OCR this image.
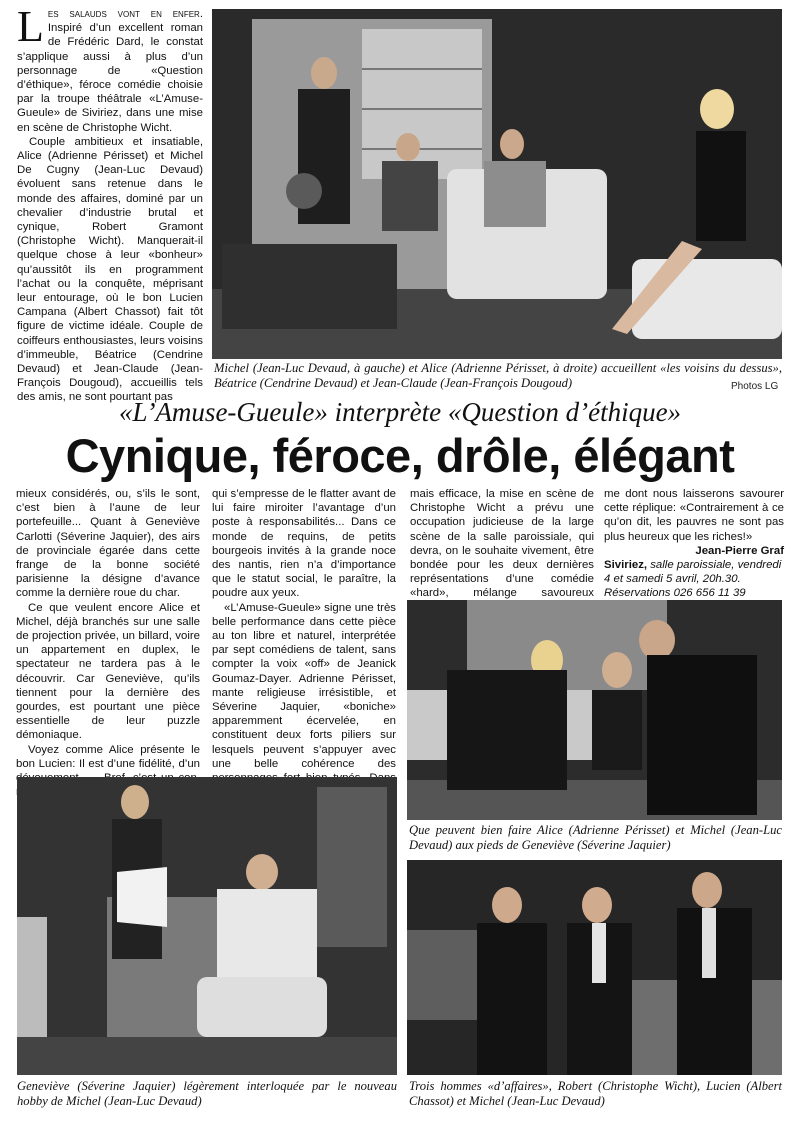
Les salauds vont en enfer. Inspiré d’un excellent roman de Frédéric Dard, le constat s’applique aussi à plus d’un personnage de «Question d’éthique», féroce comédie choisie par la troupe théâtrale «L’Amuse-Gueule» de Siviriez, dans une mise en scène de Christophe Wicht.

Couple ambitieux et insatiable, Alice (Adrienne Périsset) et Michel De Cugny (Jean-Luc Devaud) évoluent sans retenue dans le monde des affaires, dominé par un chevalier d’industrie brutal et cynique, Robert Gramont (Christophe Wicht). Manquerait-il quelque chose à leur «bonheur» qu’aussitôt ils en programment l’achat ou la conquête, méprisant leur entourage, où le bon Lucien Campana (Albert Chassot) fait tôt figure de victime idéale. Couple de coiffeurs enthousiastes, leurs voisins d’immeuble, Béatrice (Cendrine Devaud) et Jean-Claude (Jean-François Dougoud), accueillis tels des amis, ne sont pourtant pas

Michel (Jean-Luc Devaud, à gauche) et Alice (Adrienne Périsset, à droite) accueillent «les voisins du dessus», Béatrice (Cendrine Devaud) et Jean-Claude (Jean-François Dougoud)	Photos LG
«L’Amuse-Gueule» interprète «Question d’éthique»
Cynique, féroce, drôle, élégant

mieux considérés, ou, s’ils le sont, c’est bien à l’aune de leur portefeuille... Quant à Geneviève Carlotti (Séverine Jaquier), des airs de provinciale égarée dans cette frange de la bonne société parisienne la désigne d’avance comme la dernière roue du char.

Ce que veulent encore Alice et Michel, déjà branchés sur une salle de projection privée, un billard, voire un appartement en duplex, le spectateur ne tardera pas à le découvrir. Car Geneviève, qu’ils tiennent pour la dernière des gourdes, est pourtant une pièce essentielle de leur puzzle démoniaque.

Voyez comme Alice présente le bon Lucien: Il est d’une fidélité, d’un

qui s’empresse de le flatter avant de lui faire miroiter l’avantage d’un poste à responsabilités... Dans ce monde de requins, de petits bourgeois invités à la grande noce des nantis, rien n’a d’importance que le statut social, le paraître, la poudre aux yeux.

«L’Amuse-Gueule» signe une très belle performance dans cette pièce au ton libre et naturel, interprétée par sept comédiens de talent, sans compter la voix «off» de Jeanick Goumaz-Dayer. Adrienne Périsset, mante religieuse irrésistible, et Séverine Jaquier, «boniche» apparemment écervelée, en constituent deux forts piliers sur lesquels peuvent s’appuyer avec une belle cohérence des

mais efficace, la mise en scène de Christophe Wicht a prévu une occupation judicieuse de la large scène de la salle paroissiale, qui devra, on le souhaite vivement, être bondée pour les deux dernières représentations d’une comédie «hard», mélange savoureux

me dont nous laisserons savourer cette réplique: «Contrairement à ce qu’on dit, les pauvres ne sont pas plus heureux que les riches!»

Jean-Pierre Graf

Siviriez, salle paroissiale, vendredi 4 et samedi 5 avril, 20h.30. Réservations 026 656 11 39

Que peuvent bien faire Alice (Adrienne Périsset) et Michel (Jean-Luc Devaud) aux pieds de Geneviève (Séverine Jaquier)
Geneviève (Séverine Jaquier) légèrement interloquée par le nouveau hobby de Michel (Jean-Luc Devaud)
Trois hommes «d’affaires», Robert (Christophe Wicht), Lucien (Albert Chassot) et Michel (Jean-Luc Devaud)
